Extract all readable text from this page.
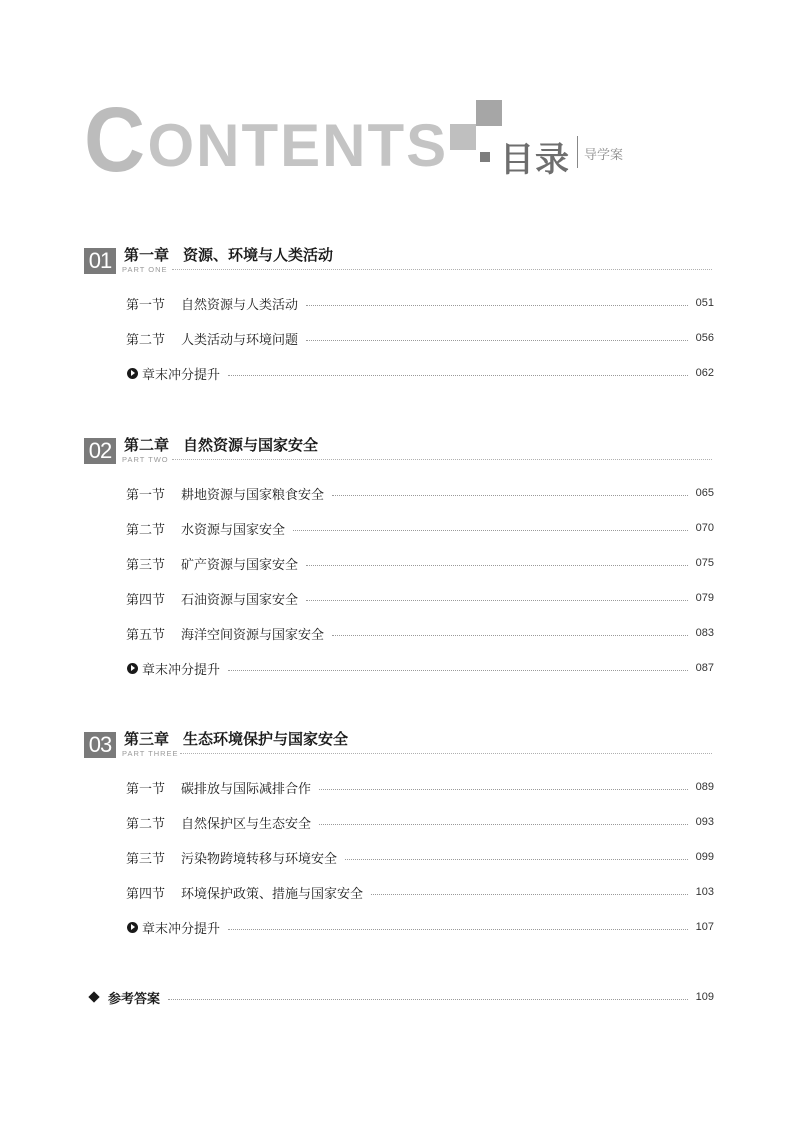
C ONTENTS 目录 导学案
01 第一章 资源、环境与人类活动
PART ONE
第一节 自然资源与人类活动	051
第二节 人类活动与环境问题	056
章末冲分提升	062
02 第二章 自然资源与国家安全
PART TWO
第一节 耕地资源与国家粮食安全	065
第二节 水资源与国家安全	070
第三节 矿产资源与国家安全	075
第四节 石油资源与国家安全	079
第五节 海洋空间资源与国家安全	083
章末冲分提升	087
03 第三章 生态环境保护与国家安全
PART THREE
第一节 碳排放与国际减排合作	089
第二节 自然保护区与生态安全	093
第三节 污染物跨境转移与环境安全	099
第四节 环境保护政策、措施与国家安全	103
章末冲分提升	107
参考答案	109
